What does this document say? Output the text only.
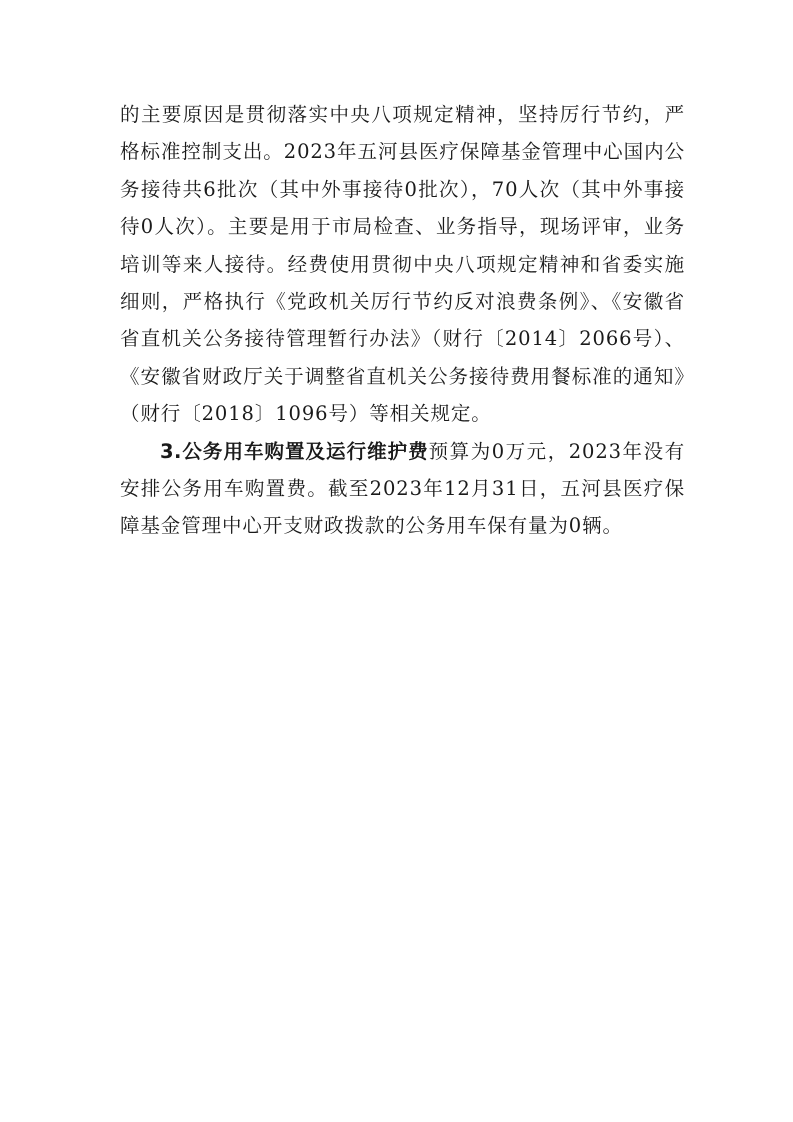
的主要原因是贯彻落实中央八项规定精神，坚持厉行节约，严格标准控制支出。2023年五河县医疗保障基金管理中心国内公务接待共6批次（其中外事接待0批次），70人次（其中外事接待0人次）。主要是用于市局检查、业务指导，现场评审，业务培训等来人接待。经费使用贯彻中央八项规定精神和省委实施细则，严格执行《党政机关厉行节约反对浪费条例》、《安徽省省直机关公务接待管理暂行办法》（财行〔2014〕2066号）、《安徽省财政厅关于调整省直机关公务接待费用餐标准的通知》（财行〔2018〕1096号）等相关规定。

3.公务用车购置及运行维护费预算为0万元，2023年没有安排公务用车购置费。截至2023年12月31日，五河县医疗保障基金管理中心开支财政拨款的公务用车保有量为0辆。
